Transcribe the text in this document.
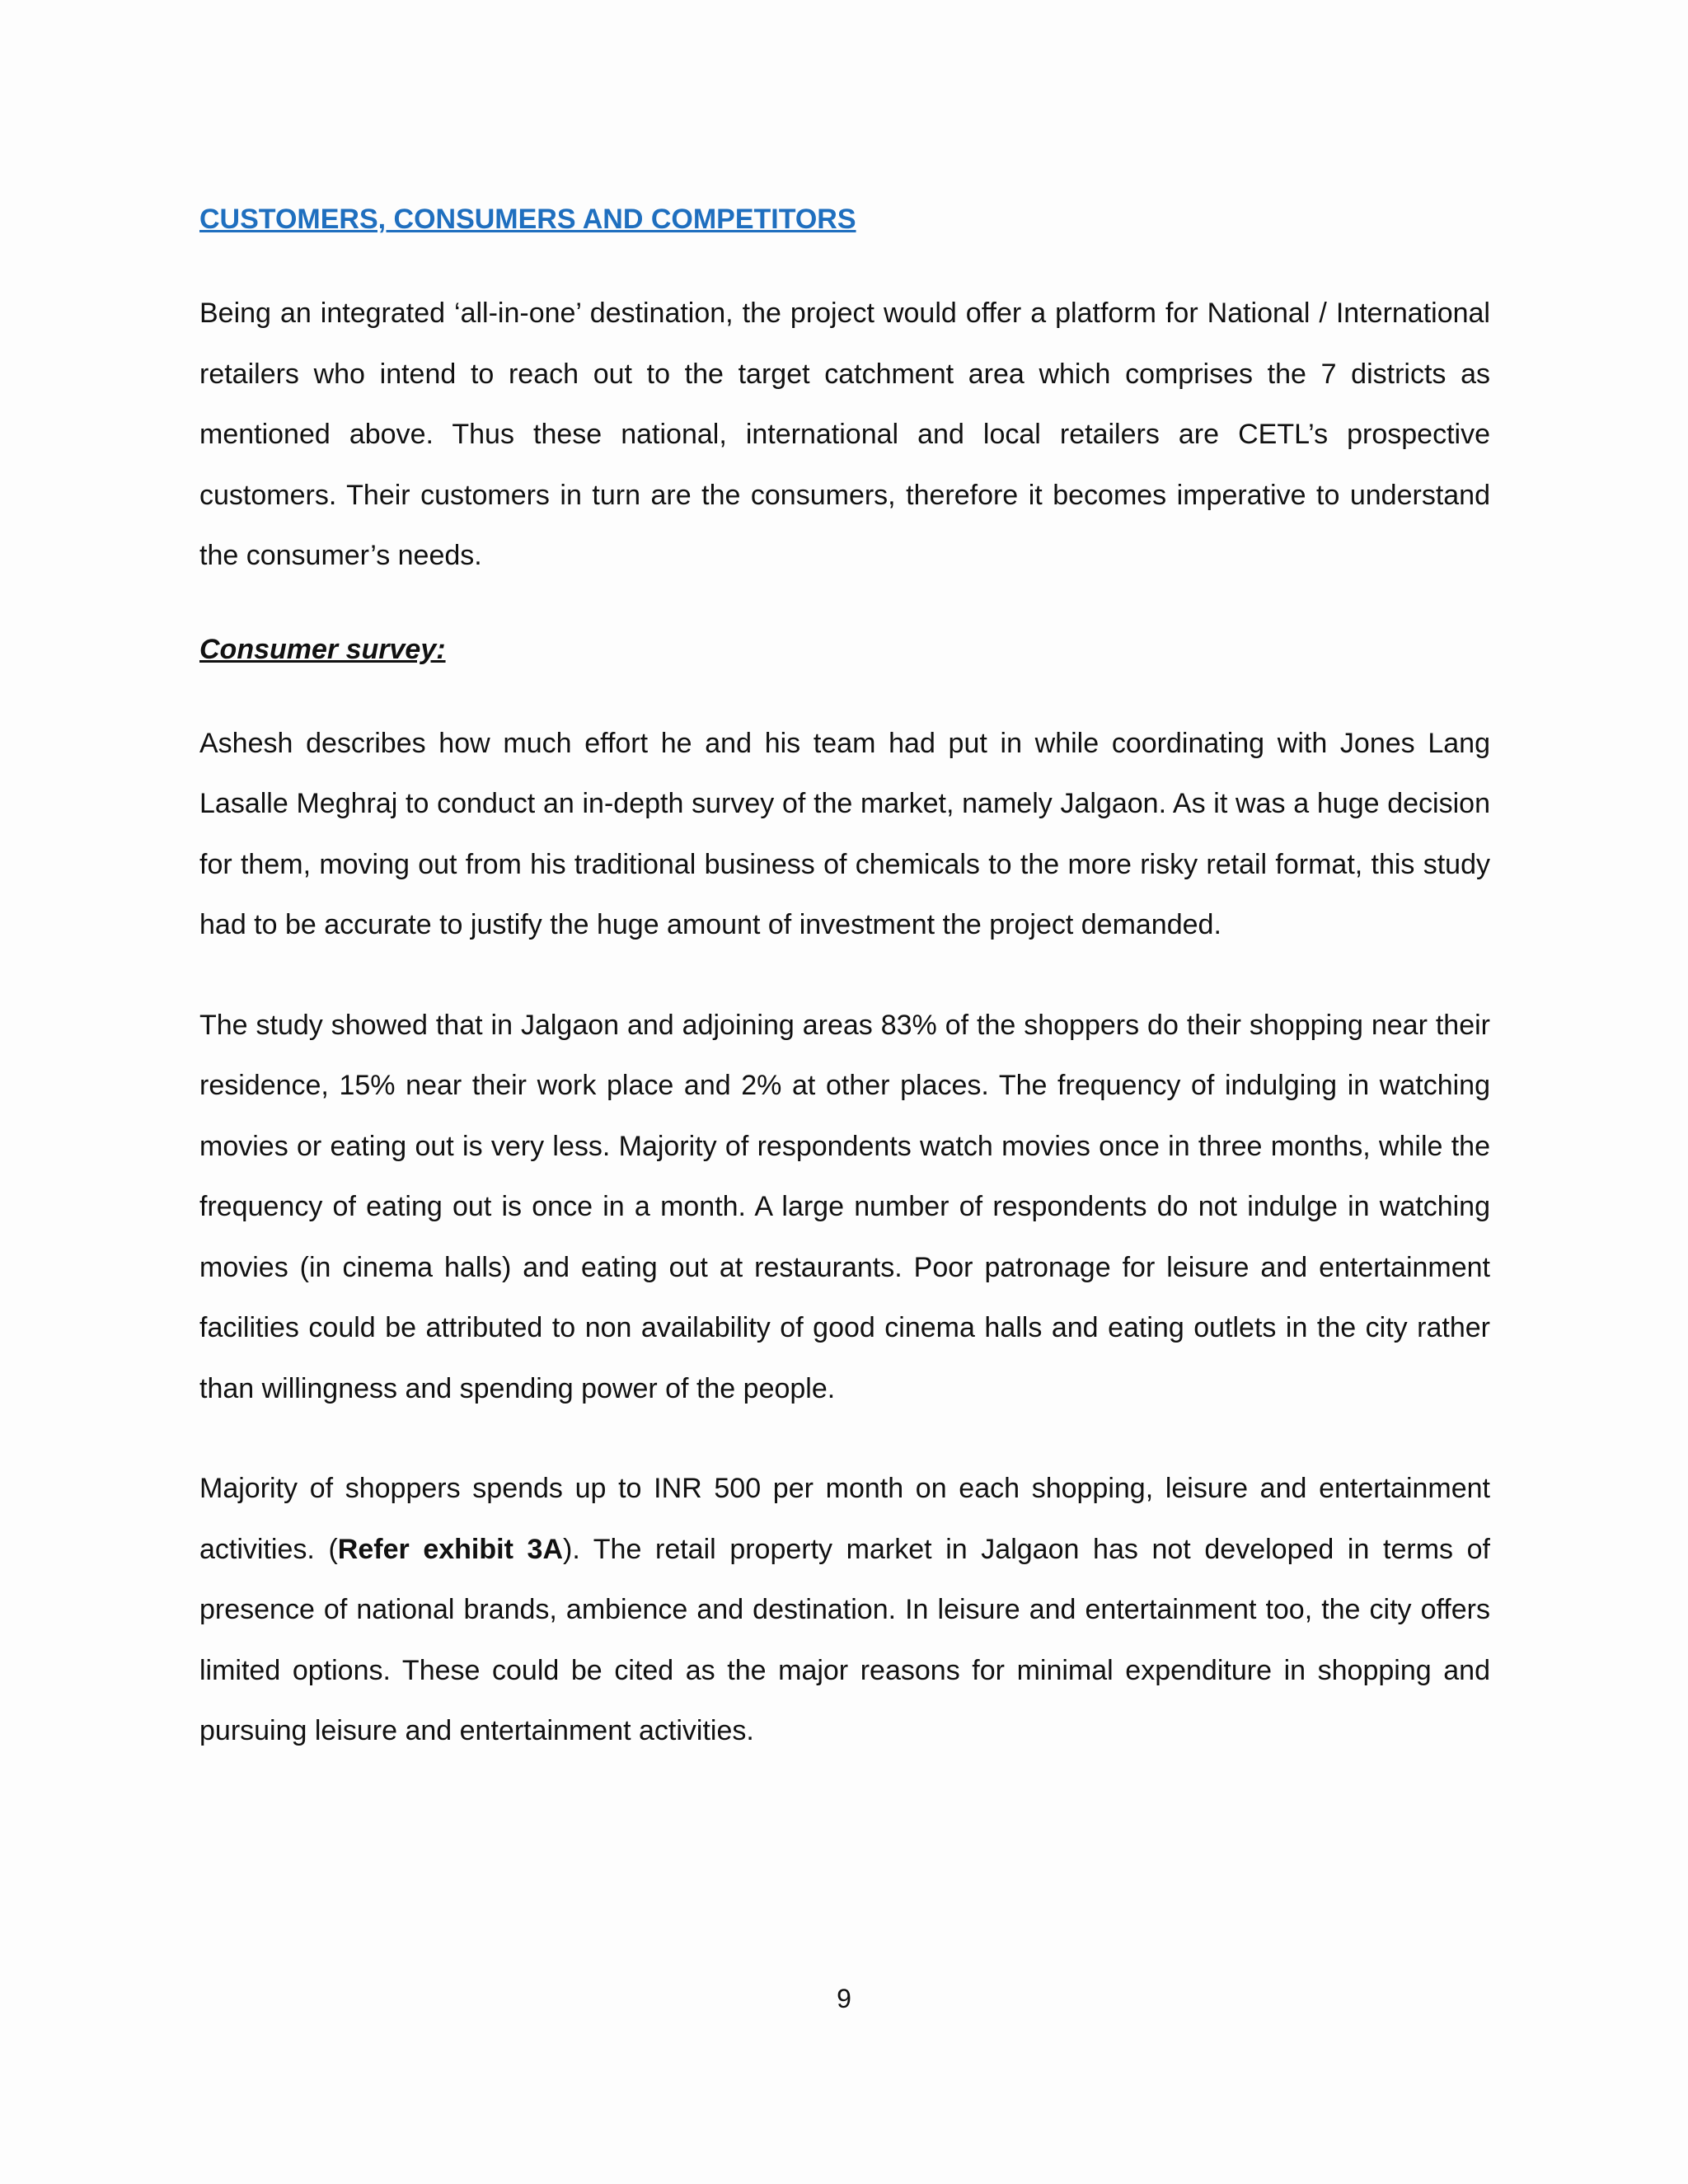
CUSTOMERS, CONSUMERS AND COMPETITORS

Being an integrated ‘all-in-one’ destination, the project would offer a platform for National / International retailers who intend to reach out to the target catchment area which comprises the 7 districts as mentioned above. Thus these national, international and local retailers are CETL’s prospective customers. Their customers in turn are the consumers, therefore it becomes imperative to understand the consumer’s needs.

Consumer survey:

Ashesh describes how much effort he and his team had put in while coordinating with Jones Lang Lasalle Meghraj to conduct an in-depth survey of the market, namely Jalgaon. As it was a huge decision for them, moving out from his traditional business of chemicals to the more risky retail format, this study had to be accurate to justify the huge amount of investment the project demanded.

The study showed that in Jalgaon and adjoining areas 83% of the shoppers do their shopping near their residence, 15% near their work place and 2% at other places. The frequency of indulging in watching movies or eating out is very less. Majority of respondents watch movies once in three months, while the frequency of eating out is once in a month. A large number of respondents do not indulge in watching movies (in cinema halls) and eating out at restaurants. Poor patronage for leisure and entertainment facilities could be attributed to non availability of good cinema halls and eating outlets in the city rather than willingness and spending power of the people.

Majority of shoppers spends up to INR 500 per month on each shopping, leisure and entertainment activities. (Refer exhibit 3A). The retail property market in Jalgaon has not developed in terms of presence of national brands, ambience and destination. In leisure and entertainment too, the city offers limited options. These could be cited as the major reasons for minimal expenditure in shopping and pursuing leisure and entertainment activities.

9
